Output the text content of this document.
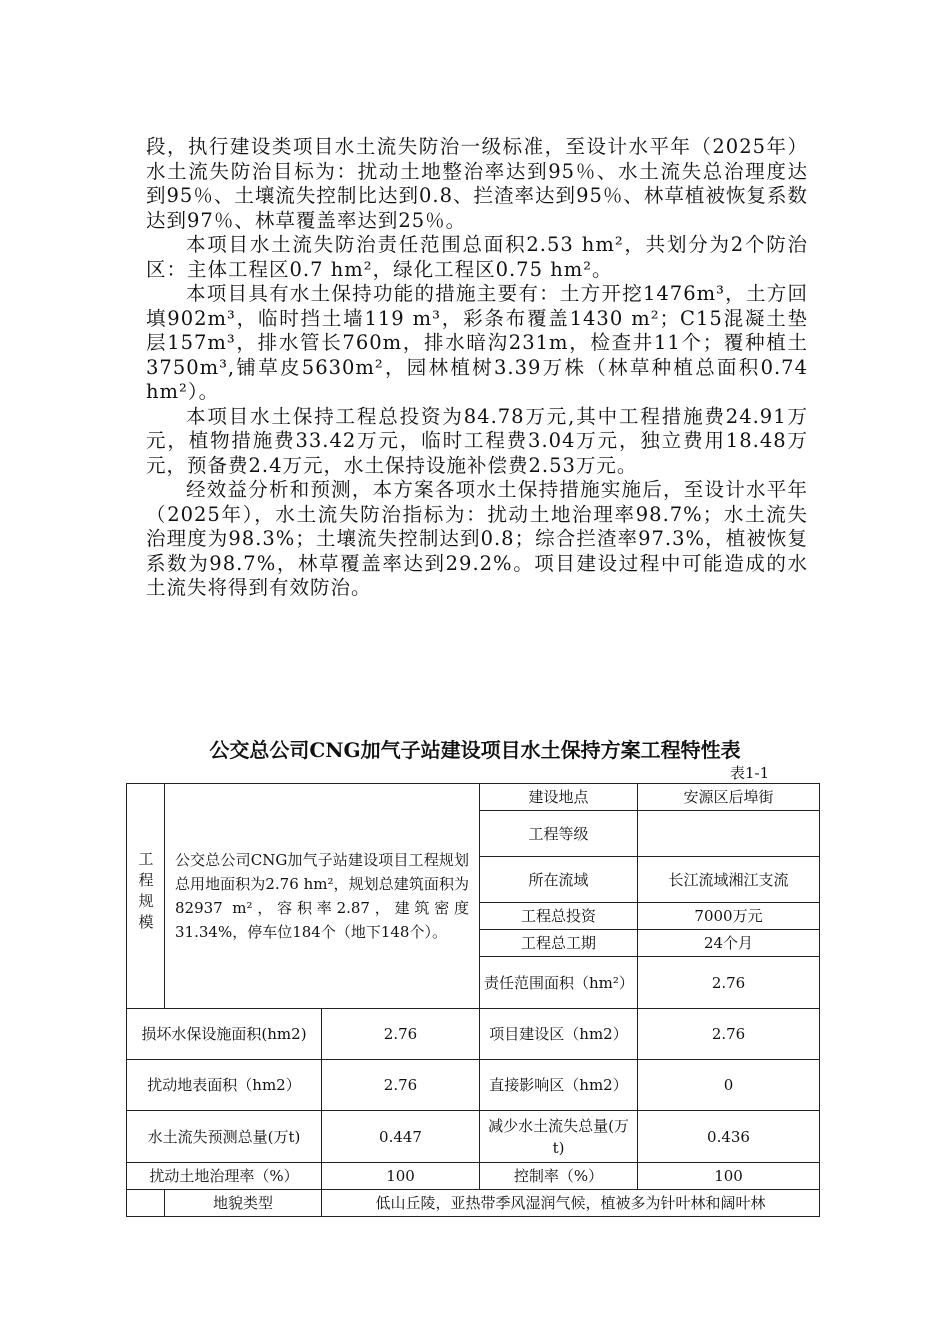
段，执行建设类项目水土流失防治一级标准，至设计水平年（2025年）水土流失防治目标为：扰动土地整治率达到95％、水土流失总治理度达到95％、土壤流失控制比达到0.8、拦渣率达到95％、林草植被恢复系数达到97％、林草覆盖率达到25％。

本项目水土流失防治责任范围总面积2.53 hm²，共划分为2个防治区：主体工程区0.7 hm²，绿化工程区0.75 hm²。

本项目具有水土保持功能的措施主要有：土方开挖1476m³，土方回填902m³，临时挡土墙119 m³，彩条布覆盖1430 m²；C15混凝土垫层157m³，排水管长760m，排水暗沟231m，检查井11个；覆种植土3750m³,铺草皮5630m²，园林植树3.39万株（林草种植总面积0.74 hm²）。

本项目水土保持工程总投资为84.78万元,其中工程措施费24.91万元，植物措施费33.42万元，临时工程费3.04万元，独立费用18.48万元，预备费2.4万元，水土保持设施补偿费2.53万元。

经效益分析和预测，本方案各项水土保持措施实施后，至设计水平年（2025年），水土流失防治指标为：扰动土地治理率98.7%；水土流失治理度为98.3%；土壤流失控制达到0.8；综合拦渣率97.3%，植被恢复系数为98.7%，林草覆盖率达到29.2%。项目建设过程中可能造成的水土流失将得到有效防治。

公交总公司CNG加气子站建设项目水土保持方案工程特性表
表1-1
工程规模	公交总公司CNG加气子站建设项目工程规划总用地面积为2.76 hm²，规划总建筑面积为82937 m²，容积率2.87，建筑密度31.34%，停车位184个（地下148个）。		建设地点	安源区后埠街
			工程等级	
			所在流域	长江流域湘江支流
			工程总投资	7000万元
			工程总工期	24个月
			责任范围面积（hm²）	2.76
损坏水保设施面积(hm2)		2.76	项目建设区（hm2）	2.76
扰动地表面积（hm2）		2.76	直接影响区（hm2）	0
水土流失预测总量(万t)		0.447	减少水土流失总量(万t)	0.436
扰动土地治理率（%）		100	控制率（%）	100
	地貌类型	低山丘陵，亚热带季风湿润气候，植被多为针叶林和阔叶林		
